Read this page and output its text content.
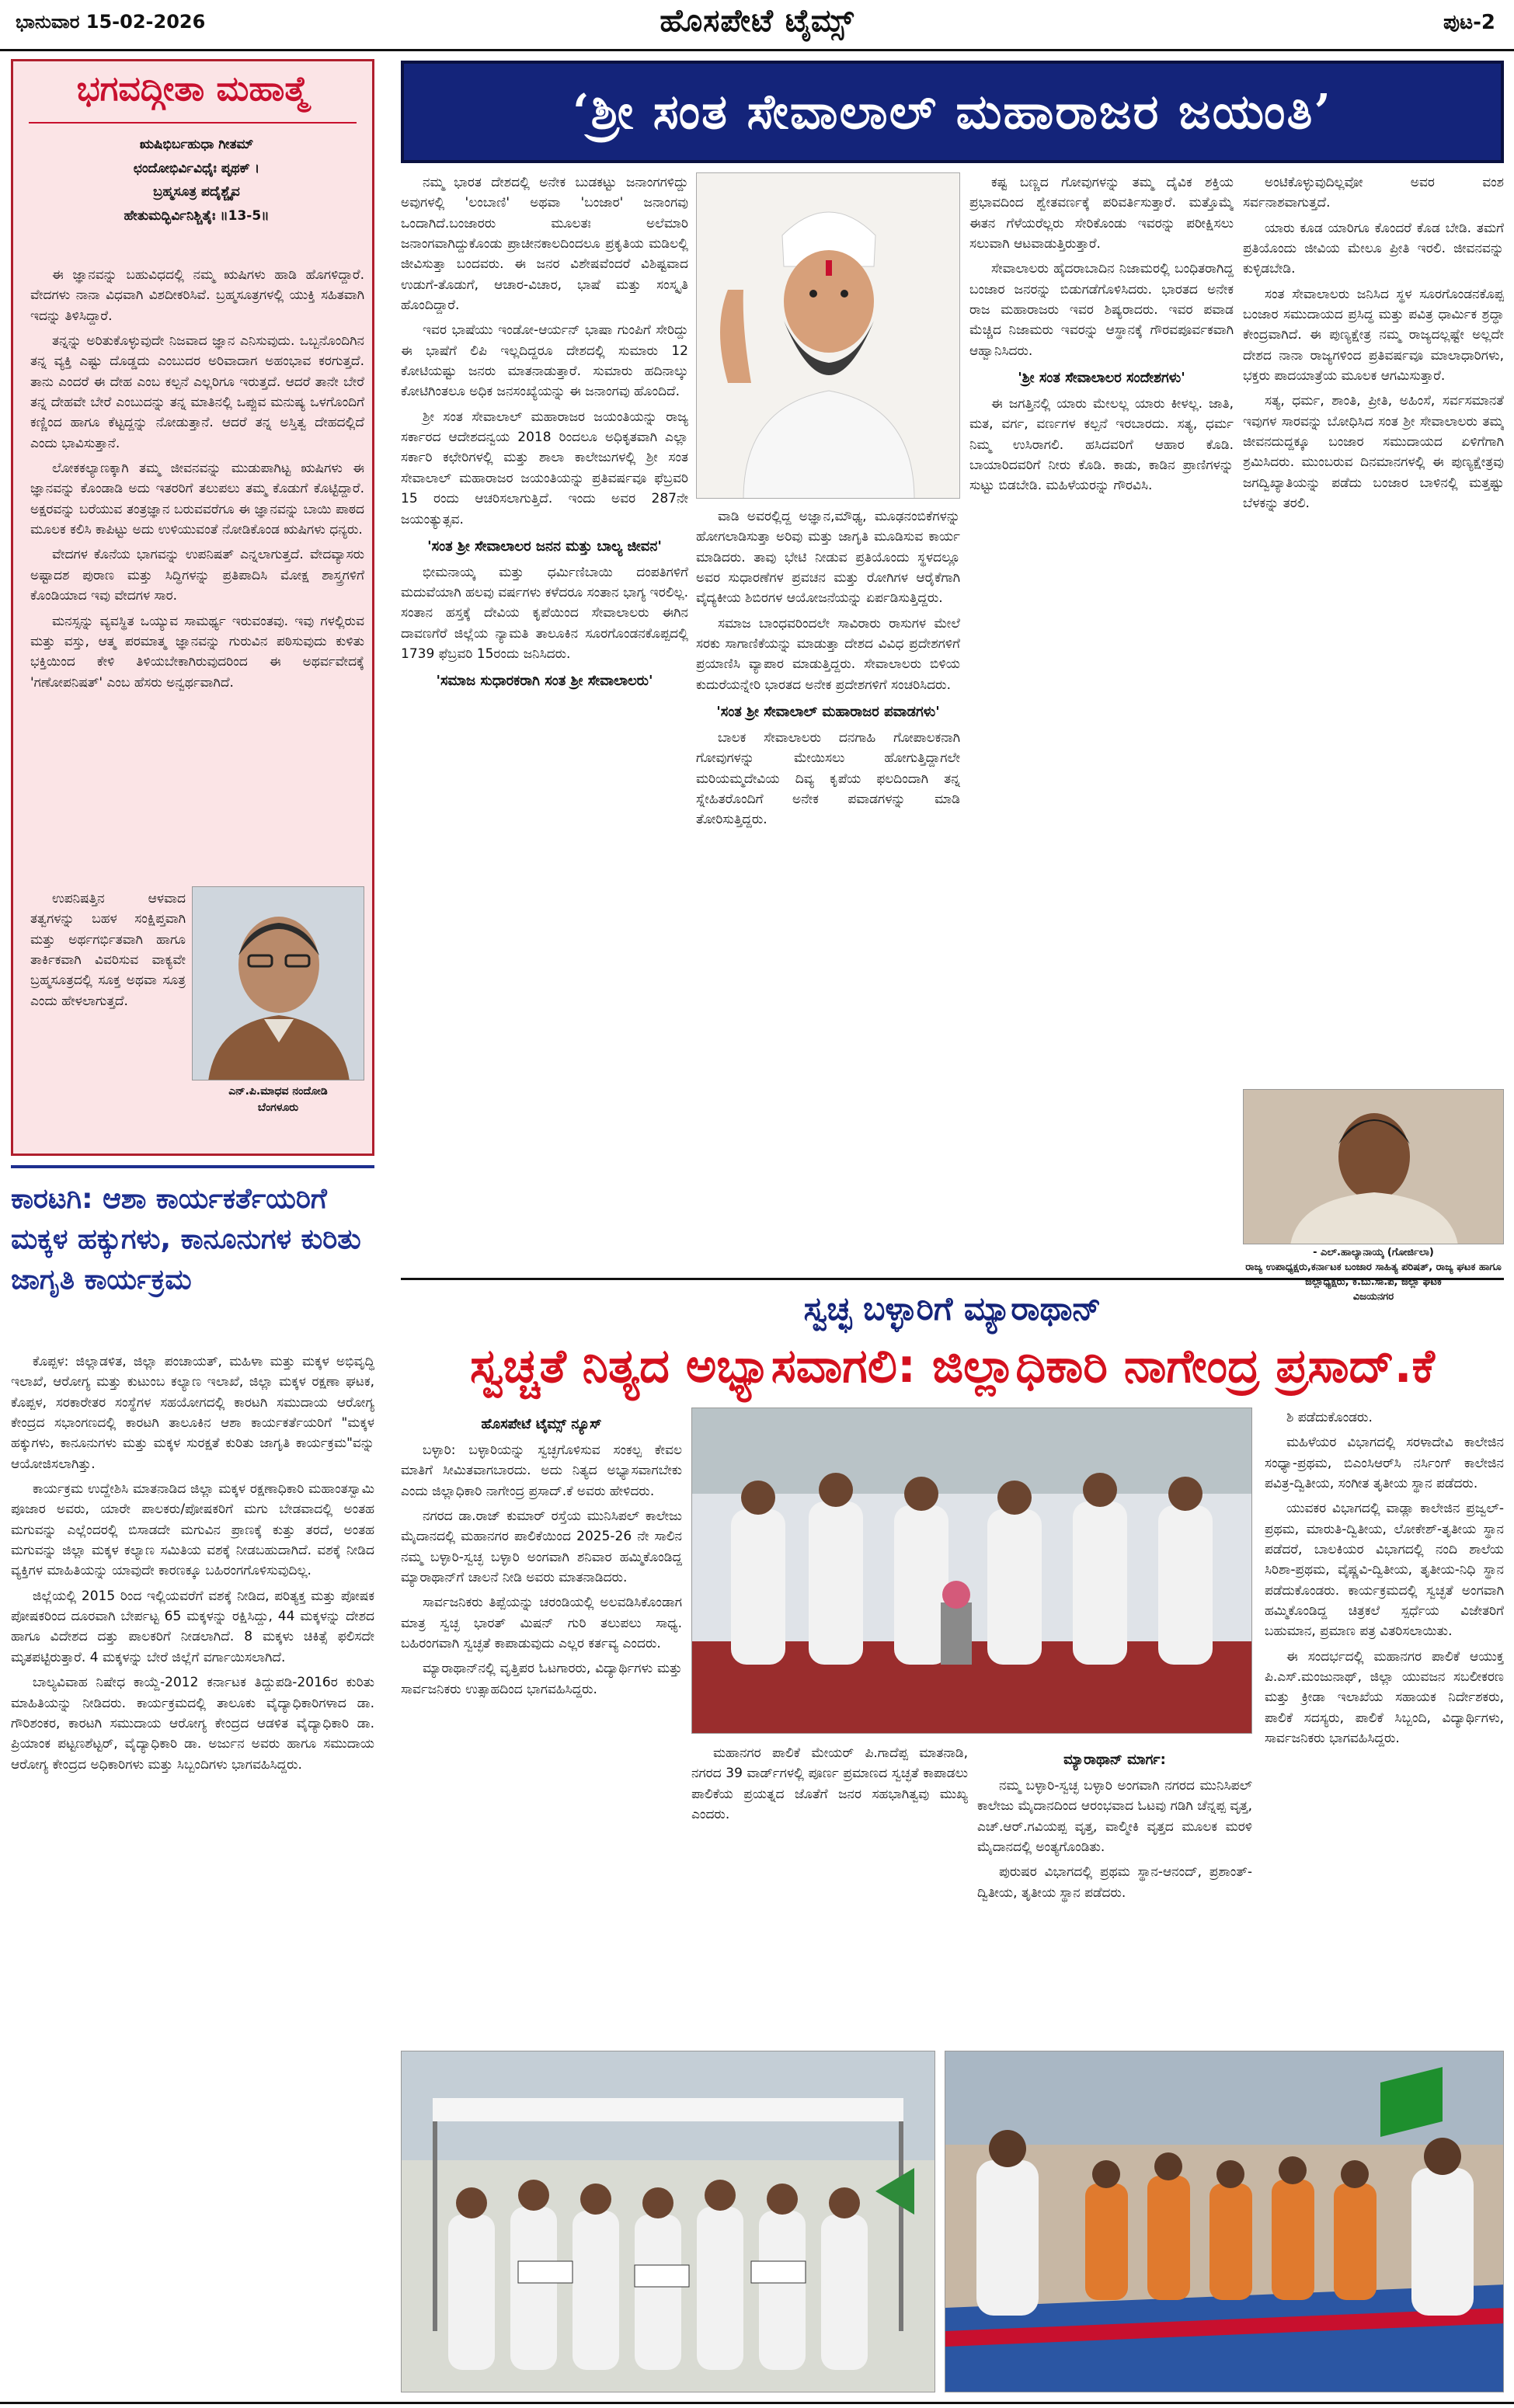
ಭಾನುವಾರ 15-02-2026	ಹೊಸಪೇಟೆ ಟೈಮ್ಸ್	ಪುಟ-2
ಭಗವದ್ಗೀತಾ ಮಹಾತ್ಮೆ
ಋಷಿಭಿರ್ಬಹುಧಾ ಗೀತಮ್
ಛಂದೋಭಿರ್ವಿವಿಧೈಃ ಪೃಥಕ್ ।
ಬ್ರಹ್ಮಸೂತ್ರ ಪದೈಶ್ಚೈವ
ಹೇತುಮದ್ಭಿರ್ವಿನಿಶ್ಚಿತೈಃ ॥13-5॥

ಈ ಜ್ಞಾನವನ್ನು ಬಹುವಿಧದಲ್ಲಿ ನಮ್ಮ ಋಷಿಗಳು ಹಾಡಿ ಹೊಗಳಿದ್ದಾರೆ. ವೇದಗಳು ನಾನಾ ವಿಧವಾಗಿ ವಿಶದೀಕರಿಸಿವೆ. ಬ್ರಹ್ಮಸೂತ್ರಗಳಲ್ಲಿ ಯುಕ್ತಿ ಸಹಿತವಾಗಿ ಇದನ್ನು ತಿಳಿಸಿದ್ದಾರೆ.

ತನ್ನನ್ನು ಅರಿತುಕೊಳ್ಳುವುದೇ ನಿಜವಾದ ಜ್ಞಾನ ಎನಿಸುವುದು. ಒಬ್ಬನೊಂದಿಗಿನ ತನ್ನ ವ್ಯಕ್ತಿ ಎಷ್ಟು ದೊಡ್ಡದು ಎಂಬುದರ ಅರಿವಾದಾಗ ಅಹಂಭಾವ ಕರಗುತ್ತದೆ. ತಾನು ಎಂದರೆ ಈ ದೇಹ ಎಂಬ ಕಲ್ಪನೆ ಎಲ್ಲರಿಗೂ ಇರುತ್ತದೆ. ಆದರೆ ತಾನೇ ಬೇರೆ ತನ್ನ ದೇಹವೇ ಬೇರೆ ಎಂಬುದನ್ನು ತನ್ನ ಮಾತಿನಲ್ಲಿ ಒಪ್ಪುವ ಮನುಷ್ಯ ಒಳಗೊಂದಿಗೆ ಕಣ್ಣಿಂದ ಹಾಗೂ ಕೆಟ್ಟದ್ದನ್ನು ನೋಡುತ್ತಾನೆ. ಆದರೆ ತನ್ನ ಅಸ್ತಿತ್ವ ದೇಹದಲ್ಲಿದೆ ಎಂದು ಭಾವಿಸುತ್ತಾನೆ.

ಲೋಕಕಲ್ಯಾಣಕ್ಕಾಗಿ ತಮ್ಮ ಜೀವನವನ್ನು ಮುಡುಪಾಗಿಟ್ಟ ಋಷಿಗಳು ಈ ಜ್ಞಾನವನ್ನು ಕೊಂಡಾಡಿ ಅದು ಇತರರಿಗೆ ತಲುಪಲು ತಮ್ಮ ಕೊಡುಗೆ ಕೊಟ್ಟಿದ್ದಾರೆ. ಅಕ್ಷರವನ್ನು ಬರೆಯುವ ತಂತ್ರಜ್ಞಾನ ಬರುವವರೆಗೂ ಈ ಜ್ಞಾನವನ್ನು ಬಾಯಿ ಪಾಠದ ಮೂಲಕ ಕಲಿಸಿ ಕಾಪಿಟ್ಟು ಅದು ಉಳಿಯುವಂತೆ ನೋಡಿಕೊಂಡ ಋಷಿಗಳು ಧನ್ಯರು.

ವೇದಗಳ ಕೊನೆಯ ಭಾಗವನ್ನು ಉಪನಿಷತ್ ಎನ್ನಲಾಗುತ್ತದೆ. ವೇದವ್ಯಾಸರು ಅಷ್ಟಾದಶ ಪುರಾಣ ಮತ್ತು ಸಿದ್ಧಿಗಳನ್ನು ಪ್ರತಿಪಾದಿಸಿ ಮೋಕ್ಷ ಶಾಸ್ತ್ರಗಳಿಗೆ ಕೊಂಡಿಯಾದ ಇವು ವೇದಗಳ ಸಾರ.

ಮನಸ್ಸನ್ನು ವ್ಯವಸ್ಥಿತ ಒಯ್ಯುವ ಸಾಮರ್ಥ್ಯ ಇರುವಂತವು. ಇವು ಗಳಲ್ಲಿರುವ ಮತ್ತು ವಸ್ತು, ಆತ್ಮ ಪರಮಾತ್ಮ ಜ್ಞಾನವನ್ನು ಗುರುವಿನ ಪಠಿಸುವುದು ಕುಳಿತು ಭಕ್ತಿಯಿಂದ ಕೇಳಿ ತಿಳಿಯಬೇಕಾಗಿರುವುದರಿಂದ ಈ ಅಥರ್ವವೇದಕ್ಕೆ 'ಗಣೋಪನಿಷತ್' ಎಂಬ ಹೆಸರು ಅನ್ವರ್ಥವಾಗಿದೆ.

ಉಪನಿಷತ್ತಿನ ಆಳವಾದ ತತ್ವಗಳನ್ನು ಬಹಳ ಸಂಕ್ಷಿಪ್ತವಾಗಿ ಮತ್ತು ಅರ್ಥಗರ್ಭಿತವಾಗಿ ಹಾಗೂ ತಾರ್ಕಿಕವಾಗಿ ವಿವರಿಸುವ ವಾಕ್ಯವೇ ಬ್ರಹ್ಮಸೂತ್ರದಲ್ಲಿ ಸೂಕ್ತ ಅಥವಾ ಸೂತ್ರ ಎಂದು ಹೇಳಲಾಗುತ್ತದೆ.

ಎನ್.ಪಿ.ಮಾಧವ ನಂದೋಡಿ
ಬೆಂಗಳೂರು
ಕಾರಟಗಿ: ಆಶಾ ಕಾರ್ಯಕರ್ತೆಯರಿಗೆ ಮಕ್ಕಳ ಹಕ್ಕುಗಳು, ಕಾನೂನುಗಳ ಕುರಿತು ಜಾಗೃತಿ ಕಾರ್ಯಕ್ರಮ

ಕೊಪ್ಪಳ: ಜಿಲ್ಲಾಡಳಿತ, ಜಿಲ್ಲಾ ಪಂಚಾಯತ್, ಮಹಿಳಾ ಮತ್ತು ಮಕ್ಕಳ ಅಭಿವೃದ್ಧಿ ಇಲಾಖೆ, ಆರೋಗ್ಯ ಮತ್ತು ಕುಟುಂಬ ಕಲ್ಯಾಣ ಇಲಾಖೆ, ಜಿಲ್ಲಾ ಮಕ್ಕಳ ರಕ್ಷಣಾ ಘಟಕ, ಕೊಪ್ಪಳ, ಸರಕಾರೇತರ ಸಂಸ್ಥೆಗಳ ಸಹಯೋಗದಲ್ಲಿ ಕಾರಟಗಿ ಸಮುದಾಯ ಆರೋಗ್ಯ ಕೇಂದ್ರದ ಸಭಾಂಗಣದಲ್ಲಿ ಕಾರಟಗಿ ತಾಲೂಕಿನ ಆಶಾ ಕಾರ್ಯಕರ್ತೆಯರಿಗೆ "ಮಕ್ಕಳ ಹಕ್ಕುಗಳು, ಕಾನೂನುಗಳು ಮತ್ತು ಮಕ್ಕಳ ಸುರಕ್ಷತೆ ಕುರಿತು ಜಾಗೃತಿ ಕಾರ್ಯಕ್ರಮ"ವನ್ನು ಆಯೋಜಿಸಲಾಗಿತ್ತು.

ಕಾರ್ಯಕ್ರಮ ಉದ್ದೇಶಿಸಿ ಮಾತನಾಡಿದ ಜಿಲ್ಲಾ ಮಕ್ಕಳ ರಕ್ಷಣಾಧಿಕಾರಿ ಮಹಾಂತಸ್ವಾಮಿ ಪೂಜಾರ ಅವರು, ಯಾರೇ ಪಾಲಕರು/ಪೋಷಕರಿಗೆ ಮಗು ಬೇಡವಾದಲ್ಲಿ ಅಂತಹ ಮಗುವನ್ನು ಎಲ್ಲೆಂದರಲ್ಲಿ ಬಿಸಾಡದೇ ಮಗುವಿನ ಪ್ರಾಣಕ್ಕೆ ಕುತ್ತು ತರದೆ, ಅಂತಹ ಮಗುವನ್ನು ಜಿಲ್ಲಾ ಮಕ್ಕಳ ಕಲ್ಯಾಣ ಸಮಿತಿಯ ವಶಕ್ಕೆ ನೀಡಬಹುದಾಗಿದೆ. ವಶಕ್ಕೆ ನೀಡಿದ ವ್ಯಕ್ತಿಗಳ ಮಾಹಿತಿಯನ್ನು ಯಾವುದೇ ಕಾರಣಕ್ಕೂ ಬಹಿರಂಗಗೊಳಿಸುವುದಿಲ್ಲ.

ಜಿಲ್ಲೆಯಲ್ಲಿ 2015 ರಿಂದ ಇಲ್ಲಿಯವರೆಗೆ ವಶಕ್ಕೆ ನೀಡಿದ, ಪರಿತ್ಯಕ್ತ ಮತ್ತು ಪೋಷಕ ಪೋಷಕರಿಂದ ದೂರವಾಗಿ ಬೇರ್ಪಟ್ಟ 65 ಮಕ್ಕಳನ್ನು ರಕ್ಷಿಸಿದ್ದು, 44 ಮಕ್ಕಳನ್ನು ದೇಶದ ಹಾಗೂ ವಿದೇಶದ ದತ್ತು ಪಾಲಕರಿಗೆ ನೀಡಲಾಗಿದೆ. 8 ಮಕ್ಕಳು ಚಿಕಿತ್ಸೆ ಫಲಿಸದೇ ಮೃತಪಟ್ಟಿರುತ್ತಾರೆ. 4 ಮಕ್ಕಳನ್ನು ಬೇರೆ ಜಿಲ್ಲೆಗೆ ವರ್ಗಾಯಿಸಲಾಗಿದೆ.

ಬಾಲ್ಯವಿವಾಹ ನಿಷೇಧ ಕಾಯ್ದೆ-2012 ಕರ್ನಾಟಕ ತಿದ್ದುಪಡಿ-2016ರ ಕುರಿತು ಮಾಹಿತಿಯನ್ನು ನೀಡಿದರು. ಕಾರ್ಯಕ್ರಮದಲ್ಲಿ ತಾಲೂಕು ವೈದ್ಯಾಧಿಕಾರಿಗಳಾದ ಡಾ. ಗೌರಿಶಂಕರ, ಕಾರಟಗಿ ಸಮುದಾಯ ಆರೋಗ್ಯ ಕೇಂದ್ರದ ಆಡಳಿತ ವೈದ್ಯಾಧಿಕಾರಿ ಡಾ. ಪ್ರಿಯಾಂಕ ಪಟ್ಟಣಶೆಟ್ಟರ್, ವೈದ್ಯಾಧಿಕಾರಿ ಡಾ. ಅರ್ಜುನ ಅವರು ಹಾಗೂ ಸಮುದಾಯ ಆರೋಗ್ಯ ಕೇಂದ್ರದ ಅಧಿಕಾರಿಗಳು ಮತ್ತು ಸಿಬ್ಬಂದಿಗಳು ಭಾಗವಹಿಸಿದ್ದರು.

‘ಶ್ರೀ ಸಂತ ಸೇವಾಲಾಲ್ ಮಹಾರಾಜರ ಜಯಂತಿ’

ನಮ್ಮ ಭಾರತ ದೇಶದಲ್ಲಿ ಅನೇಕ ಬುಡಕಟ್ಟು ಜನಾಂಗಗಳಿದ್ದು ಅವುಗಳಲ್ಲಿ 'ಲಂಬಾಣಿ' ಅಥವಾ 'ಬಂಜಾರ' ಜನಾಂಗವು ಒಂದಾಗಿದೆ.ಬಂಜಾರರು ಮೂಲತಃ ಅಲೆಮಾರಿ ಜನಾಂಗವಾಗಿದ್ದುಕೊಂಡು ಪ್ರಾಚೀನಕಾಲದಿಂದಲೂ ಪ್ರಕೃತಿಯ ಮಡಿಲಲ್ಲಿ ಜೀವಿಸುತ್ತಾ ಬಂದವರು. ಈ ಜನರ ವಿಶೇಷವೆಂದರೆ ವಿಶಿಷ್ಟವಾದ ಉಡುಗೆ-ತೊಡುಗೆ, ಆಚಾರ-ವಿಚಾರ, ಭಾಷೆ ಮತ್ತು ಸಂಸ್ಕೃತಿ ಹೊಂದಿದ್ದಾರೆ.

ಇವರ ಭಾಷೆಯು ಇಂಡೋ-ಆರ್ಯನ್ ಭಾಷಾ ಗುಂಪಿಗೆ ಸೇರಿದ್ದು ಈ ಭಾಷೆಗೆ ಲಿಪಿ ಇಲ್ಲದಿದ್ದರೂ ದೇಶದಲ್ಲಿ ಸುಮಾರು 12 ಕೋಟಿಯಷ್ಟು ಜನರು ಮಾತನಾಡುತ್ತಾರೆ. ಸುಮಾರು ಹದಿನಾಲ್ಕು ಕೋಟಿಗಿಂತಲೂ ಅಧಿಕ ಜನಸಂಖ್ಯೆಯನ್ನು ಈ ಜನಾಂಗವು ಹೊಂದಿದೆ.

ಶ್ರೀ ಸಂತ ಸೇವಾಲಾಲ್ ಮಹಾರಾಜರ ಜಯಂತಿಯನ್ನು ರಾಜ್ಯ ಸರ್ಕಾರದ ಆದೇಶದನ್ವಯ 2018 ರಿಂದಲೂ ಅಧಿಕೃತವಾಗಿ ಎಲ್ಲಾ ಸರ್ಕಾರಿ ಕಛೇರಿಗಳಲ್ಲಿ ಮತ್ತು ಶಾಲಾ ಕಾಲೇಜುಗಳಲ್ಲಿ ಶ್ರೀ ಸಂತ ಸೇವಾಲಾಲ್ ಮಹಾರಾಜರ ಜಯಂತಿಯನ್ನು ಪ್ರತಿವರ್ಷವೂ ಫೆಬ್ರವರಿ 15 ರಂದು ಆಚರಿಸಲಾಗುತ್ತಿದೆ. ಇಂದು ಅವರ 287ನೇ ಜಯಂತ್ಯುತ್ಸವ.

'ಸಂತ ಶ್ರೀ ಸೇವಾಲಾಲರ ಜನನ ಮತ್ತು ಬಾಲ್ಯ ಜೀವನ'

ಭೀಮನಾಯ್ಕ ಮತ್ತು ಧರ್ಮಿಣಿಬಾಯಿ ದಂಪತಿಗಳಿಗೆ ಮದುವೆಯಾಗಿ ಹಲವು ವರ್ಷಗಳು ಕಳೆದರೂ ಸಂತಾನ ಭಾಗ್ಯ ಇರಲಿಲ್ಲ. ಸಂತಾನ ಹಸ್ತಕ್ಕೆ ದೇವಿಯ ಕೃಪೆಯಿಂದ ಸೇವಾಲಾಲರು ಈಗಿನ ದಾವಣಗೆರೆ ಜಿಲ್ಲೆಯ ನ್ಯಾಮತಿ ತಾಲೂಕಿನ ಸೂರಗೊಂಡನಕೊಪ್ಪದಲ್ಲಿ 1739 ಫೆಬ್ರವರಿ 15ರಂದು ಜನಿಸಿದರು.

'ಸಮಾಜ ಸುಧಾರಕರಾಗಿ ಸಂತ ಶ್ರೀ ಸೇವಾಲಾಲರು'

ವಾಡಿ ಅವರಲ್ಲಿದ್ದ ಅಜ್ಞಾನ,ಮೌಢ್ಯ, ಮೂಢನಂಬಿಕೆಗಳನ್ನು ಹೋಗಲಾಡಿಸುತ್ತಾ ಅರಿವು ಮತ್ತು ಜಾಗೃತಿ ಮೂಡಿಸುವ ಕಾರ್ಯ ಮಾಡಿದರು. ತಾವು ಭೇಟಿ ನೀಡುವ ಪ್ರತಿಯೊಂದು ಸ್ಥಳದಲ್ಲೂ ಅವರ ಸುಧಾರಣೆಗಳ ಪ್ರವಚನ ಮತ್ತು ರೋಗಿಗಳ ಆರೈಕೆಗಾಗಿ ವೈದ್ಯಕೀಯ ಶಿಬಿರಗಳ ಆಯೋಜನೆಯನ್ನು ಏರ್ಪಡಿಸುತ್ತಿದ್ದರು.

ಸಮಾಜ ಬಾಂಧವರಿಂದಲೇ ಸಾವಿರಾರು ರಾಸುಗಳ ಮೇಲೆ ಸರಕು ಸಾಗಾಣಿಕೆಯನ್ನು ಮಾಡುತ್ತಾ ದೇಶದ ವಿವಿಧ ಪ್ರದೇಶಗಳಿಗೆ ಪ್ರಯಾಣಿಸಿ ವ್ಯಾಪಾರ ಮಾಡುತ್ತಿದ್ದರು. ಸೇವಾಲಾಲರು ಬಿಳಿಯ ಕುದುರೆಯನ್ನೇರಿ ಭಾರತದ ಅನೇಕ ಪ್ರದೇಶಗಳಿಗೆ ಸಂಚರಿಸಿದರು.

'ಸಂತ ಶ್ರೀ ಸೇವಾಲಾಲ್ ಮಹಾರಾಜರ ಪವಾಡಗಳು'

ಬಾಲಕ ಸೇವಾಲಾಲರು ದನಗಾಹಿ ಗೋಪಾಲಕನಾಗಿ ಗೋವುಗಳನ್ನು ಮೇಯಿಸಲು ಹೋಗುತ್ತಿದ್ದಾಗಲೇ ಮರಿಯಮ್ಮದೇವಿಯ ದಿವ್ಯ ಕೃಪೆಯ ಫಲದಿಂದಾಗಿ ತನ್ನ ಸ್ನೇಹಿತರೊಂದಿಗೆ ಅನೇಕ ಪವಾಡಗಳನ್ನು ಮಾಡಿ ತೋರಿಸುತ್ತಿದ್ದರು.

ಕಷ್ಟ ಬಣ್ಣದ ಗೋವುಗಳನ್ನು ತಮ್ಮ ದೈವಿಕ ಶಕ್ತಿಯ ಪ್ರಭಾವದಿಂದ ಶ್ವೇತವರ್ಣಕ್ಕೆ ಪರಿವರ್ತಿಸುತ್ತಾರೆ. ಮತ್ತೊಮ್ಮೆ ಈತನ ಗೆಳೆಯರೆಲ್ಲರು ಸೇರಿಕೊಂಡು ಇವರನ್ನು ಪರೀಕ್ಷಿಸಲು ಸಲುವಾಗಿ ಆಟವಾಡುತ್ತಿರುತ್ತಾರೆ.

ಸೇವಾಲಾಲರು ಹೈದರಾಬಾದಿನ ನಿಜಾಮರಲ್ಲಿ ಬಂಧಿತರಾಗಿದ್ದ ಬಂಜಾರ ಜನರನ್ನು ಬಿಡುಗಡೆಗೊಳಿಸಿದರು. ಭಾರತದ ಅನೇಕ ರಾಜ ಮಹಾರಾಜರು ಇವರ ಶಿಷ್ಯರಾದರು. ಇವರ ಪವಾಡ ಮೆಚ್ಚಿದ ನಿಜಾಮರು ಇವರನ್ನು ಆಸ್ಥಾನಕ್ಕೆ ಗೌರವಪೂರ್ವಕವಾಗಿ ಆಹ್ವಾನಿಸಿದರು.

'ಶ್ರೀ ಸಂತ ಸೇವಾಲಾಲರ ಸಂದೇಶಗಳು'

ಈ ಜಗತ್ತಿನಲ್ಲಿ ಯಾರು ಮೇಲಲ್ಲ ಯಾರು ಕೀಳಲ್ಲ. ಜಾತಿ, ಮತ, ವರ್ಗ, ವರ್ಣಗಳ ಕಲ್ಪನೆ ಇರಬಾರದು. ಸತ್ಯ, ಧರ್ಮ ನಿಮ್ಮ ಉಸಿರಾಗಲಿ. ಹಸಿದವರಿಗೆ ಆಹಾರ ಕೊಡಿ. ಬಾಯಾರಿದವರಿಗೆ ನೀರು ಕೊಡಿ. ಕಾಡು, ಕಾಡಿನ ಪ್ರಾಣಿಗಳನ್ನು ಸುಟ್ಟು ಬಿಡಬೇಡಿ. ಮಹಿಳೆಯರನ್ನು ಗೌರವಿಸಿ.

ಅಂಟಿಕೊಳ್ಳುವುದಿಲ್ಲವೋ ಅವರ ವಂಶ ಸರ್ವನಾಶವಾಗುತ್ತದೆ.

ಯಾರು ಕೂಡ ಯಾರಿಗೂ ಕೊಂದರೆ ಕೊಡ ಬೇಡಿ. ತಮಗೆ ಪ್ರತಿಯೊಂದು ಜೀವಿಯ ಮೇಲೂ ಪ್ರೀತಿ ಇರಲಿ. ಜೀವನವನ್ನು ಕುಳ್ಳಿಡಬೇಡಿ.

ಸಂತ ಸೇವಾಲಾಲರು ಜನಿಸಿದ ಸ್ಥಳ ಸೂರಗೊಂಡನಕೊಪ್ಪ ಬಂಜಾರ ಸಮುದಾಯದ ಪ್ರಸಿದ್ಧ ಮತ್ತು ಪವಿತ್ರ ಧಾರ್ಮಿಕ ಶ್ರದ್ಧಾ ಕೇಂದ್ರವಾಗಿದೆ. ಈ ಪುಣ್ಯಕ್ಷೇತ್ರ ನಮ್ಮ ರಾಜ್ಯದಲ್ಲಷ್ಟೇ ಅಲ್ಲದೇ ದೇಶದ ನಾನಾ ರಾಜ್ಯಗಳಿಂದ ಪ್ರತಿವರ್ಷವೂ ಮಾಲಾಧಾರಿಗಳು, ಭಕ್ತರು ಪಾದಯಾತ್ರೆಯ ಮೂಲಕ ಆಗಮಿಸುತ್ತಾರೆ.

ಸತ್ಯ, ಧರ್ಮ, ಶಾಂತಿ, ಪ್ರೀತಿ, ಅಹಿಂಸೆ, ಸರ್ವಸಮಾನತೆ ಇವುಗಳ ಸಾರವನ್ನು ಬೋಧಿಸಿದ ಸಂತ ಶ್ರೀ ಸೇವಾಲಾಲರು ತಮ್ಮ ಜೀವನದುದ್ದಕ್ಕೂ ಬಂಜಾರ ಸಮುದಾಯದ ಏಳಿಗೆಗಾಗಿ ಶ್ರಮಿಸಿದರು. ಮುಂಬರುವ ದಿನಮಾನಗಳಲ್ಲಿ ಈ ಪುಣ್ಯಕ್ಷೇತ್ರವು ಜಗದ್ವಿಖ್ಯಾತಿಯನ್ನು ಪಡೆದು ಬಂಜಾರ ಬಾಳಿನಲ್ಲಿ ಮತ್ತಷ್ಟು ಬೆಳಕನ್ನು ತರಲಿ.

- ಎಲ್.ಹಾಲ್ಯಾನಾಯ್ಕ (ಗೋರ್ಜಿಲಾ)
ರಾಜ್ಯ ಉಪಾಧ್ಯಕ್ಷರು,ಕರ್ನಾಟಕ ಬಂಜಾರ ಸಾಹಿತ್ಯ ಪರಿಷತ್, ರಾಜ್ಯ ಘಟಕ ಹಾಗೂ ಜಿಲ್ಲಾಧ್ಯಕ್ಷರು, ಕ.ಬು.ಸಾ.ಪ, ಜಿಲ್ಲಾ ಘಟಕ
ವಿಜಯನಗರ
ಸ್ವಚ್ಛ ಬಳ್ಳಾರಿಗೆ ಮ್ಯಾರಾಥಾನ್
ಸ್ವಚ್ಚತೆ ನಿತ್ಯದ ಅಭ್ಯಾಸವಾಗಲಿ: ಜಿಲ್ಲಾಧಿಕಾರಿ ನಾಗೇಂದ್ರ ಪ್ರಸಾದ್.ಕೆ
ಹೊಸಪೇಟೆ ಟೈಮ್ಸ್ ನ್ಯೂಸ್

ಬಳ್ಳಾರಿ: ಬಳ್ಳಾರಿಯನ್ನು ಸ್ವಚ್ಛಗೊಳಿಸುವ ಸಂಕಲ್ಪ ಕೇವಲ ಮಾತಿಗೆ ಸೀಮಿತವಾಗಬಾರದು. ಅದು ನಿತ್ಯದ ಅಭ್ಯಾಸವಾಗಬೇಕು ಎಂದು ಜಿಲ್ಲಾಧಿಕಾರಿ ನಾಗೇಂದ್ರ ಪ್ರಸಾದ್.ಕೆ ಅವರು ಹೇಳಿದರು.

ನಗರದ ಡಾ.ರಾಜ್ ಕುಮಾರ್ ರಸ್ತೆಯ ಮುನಿಸಿಪಲ್ ಕಾಲೇಜು ಮೈದಾನದಲ್ಲಿ ಮಹಾನಗರ ಪಾಲಿಕೆಯಿಂದ 2025-26 ನೇ ಸಾಲಿನ ನಮ್ಮ ಬಳ್ಳಾರಿ-ಸ್ವಚ್ಛ ಬಳ್ಳಾರಿ ಅಂಗವಾಗಿ ಶನಿವಾರ ಹಮ್ಮಿಕೊಂಡಿದ್ದ ಮ್ಯಾರಾಥಾನ್‌ಗೆ ಚಾಲನೆ ನೀಡಿ ಅವರು ಮಾತನಾಡಿದರು.

ಸಾರ್ವಜನಿಕರು ತಿಪ್ಪೆಯನ್ನು ಚರಂಡಿಯಲ್ಲಿ ಅಲವಡಿಸಿಕೊಂಡಾಗ ಮಾತ್ರ ಸ್ವಚ್ಛ ಭಾರತ್ ಮಿಷನ್ ಗುರಿ ತಲುಪಲು ಸಾಧ್ಯ. ಬಹಿರಂಗವಾಗಿ ಸ್ವಚ್ಛತೆ ಕಾಪಾಡುವುದು ಎಲ್ಲರ ಕರ್ತವ್ಯ ಎಂದರು.

ಮ್ಯಾರಾಥಾನ್‌ನಲ್ಲಿ ವೃತ್ತಿಪರ ಓಟಗಾರರು, ವಿದ್ಯಾರ್ಥಿಗಳು ಮತ್ತು ಸಾರ್ವಜನಿಕರು ಉತ್ಸಾಹದಿಂದ ಭಾಗವಹಿಸಿದ್ದರು.

ಮಹಾನಗರ ಪಾಲಿಕೆ ಮೇಯರ್ ಪಿ.ಗಾದೆಪ್ಪ ಮಾತನಾಡಿ, ನಗರದ 39 ವಾರ್ಡ್‌ಗಳಲ್ಲಿ ಪೂರ್ಣ ಪ್ರಮಾಣದ ಸ್ವಚ್ಛತೆ ಕಾಪಾಡಲು ಪಾಲಿಕೆಯ ಪ್ರಯತ್ನದ ಜೊತೆಗೆ ಜನರ ಸಹಭಾಗಿತ್ವವು ಮುಖ್ಯ ಎಂದರು.

ಮ್ಯಾರಾಥಾನ್ ಮಾರ್ಗ:

ನಮ್ಮ ಬಳ್ಳಾರಿ-ಸ್ವಚ್ಛ ಬಳ್ಳಾರಿ ಅಂಗವಾಗಿ ನಗರದ ಮುನಿಸಿಪಲ್ ಕಾಲೇಜು ಮೈದಾನದಿಂದ ಆರಂಭವಾದ ಓಟವು ಗಡಿಗಿ ಚೆನ್ನಪ್ಪ ವೃತ್ತ, ಎಚ್.ಆರ್.ಗವಿಯಪ್ಪ ವೃತ್ತ, ವಾಲ್ಮೀಕಿ ವೃತ್ತದ ಮೂಲಕ ಮರಳಿ ಮೈದಾನದಲ್ಲಿ ಅಂತ್ಯಗೊಂಡಿತು.

ಪುರುಷರ ವಿಭಾಗದಲ್ಲಿ ಪ್ರಥಮ ಸ್ಥಾನ-ಆನಂದ್, ಪ್ರಶಾಂತ್-ದ್ವಿತೀಯ, ತೃತೀಯ ಸ್ಥಾನ ಪಡೆದರು.

ಶಿ ಪಡೆದುಕೊಂಡರು.

ಮಹಿಳೆಯರ ವಿಭಾಗದಲ್ಲಿ ಸರಳಾದೇವಿ ಕಾಲೇಜಿನ ಸಂಧ್ಯಾ-ಪ್ರಥಮ, ಬಿಎಂಸಿಆರ್‌ಸಿ ನರ್ಸಿಂಗ್ ಕಾಲೇಜಿನ ಪವಿತ್ರ-ದ್ವಿತೀಯ, ಸಂಗೀತ ತೃತೀಯ ಸ್ಥಾನ ಪಡೆದರು.

ಯುವಕರ ವಿಭಾಗದಲ್ಲಿ ವಾಡ್ಲಾ ಕಾಲೇಜಿನ ಪ್ರಜ್ವಲ್-ಪ್ರಥಮ, ಮಾರುತಿ-ದ್ವಿತೀಯ, ಲೋಕೇಶ್-ತೃತೀಯ ಸ್ಥಾನ ಪಡೆದರೆ, ಬಾಲಕಿಯರ ವಿಭಾಗದಲ್ಲಿ ನಂದಿ ಶಾಲೆಯ ಸಿರಿಶಾ-ಪ್ರಥಮ, ವೈಷ್ಣವಿ-ದ್ವಿತೀಯ, ತೃತೀಯ-ನಿಧಿ ಸ್ಥಾನ ಪಡೆದುಕೊಂಡರು. ಕಾರ್ಯಕ್ರಮದಲ್ಲಿ ಸ್ವಚ್ಛತೆ ಅಂಗವಾಗಿ ಹಮ್ಮಿಕೊಂಡಿದ್ದ ಚಿತ್ರಕಲೆ ಸ್ಪರ್ಧೆಯ ವಿಜೇತರಿಗೆ ಬಹುಮಾನ, ಪ್ರಮಾಣ ಪತ್ರ ವಿತರಿಸಲಾಯಿತು.

ಈ ಸಂದರ್ಭದಲ್ಲಿ ಮಹಾನಗರ ಪಾಲಿಕೆ ಆಯುಕ್ತ ಪಿ.ಎಸ್.ಮಂಜುನಾಥ್, ಜಿಲ್ಲಾ ಯುವಜನ ಸಬಲೀಕರಣ ಮತ್ತು ಕ್ರೀಡಾ ಇಲಾಖೆಯ ಸಹಾಯಕ ನಿರ್ದೇಶಕರು, ಪಾಲಿಕೆ ಸದಸ್ಯರು, ಪಾಲಿಕೆ ಸಿಬ್ಬಂದಿ, ವಿದ್ಯಾರ್ಥಿಗಳು, ಸಾರ್ವಜನಿಕರು ಭಾಗವಹಿಸಿದ್ದರು.
